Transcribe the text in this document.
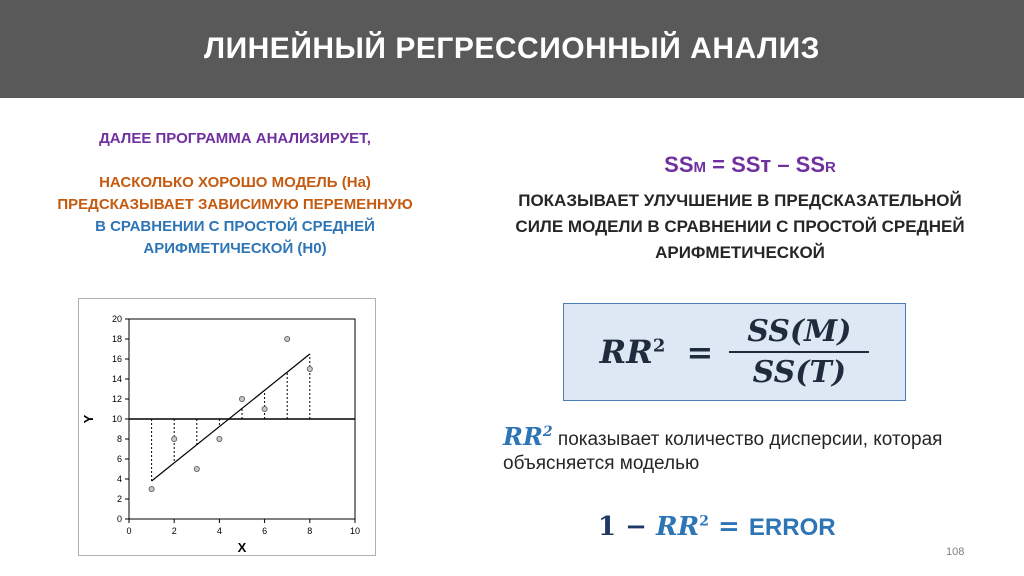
ЛИНЕЙНЫЙ РЕГРЕССИОННЫЙ АНАЛИЗ
ДАЛЕЕ ПРОГРАММА АНАЛИЗИРУЕТ,
НАСКОЛЬКО ХОРОШО МОДЕЛЬ (На)
ПРЕДСКАЗЫВАЕТ ЗАВИСИМУЮ ПЕРЕМЕННУЮ
В СРАВНЕНИИ С ПРОСТОЙ СРЕДНЕЙ
АРИФМЕТИЧЕСКОЙ (Н0)
0
2
4
6
8
10
12
14
16
18
20
0	2	4	6	8	10
X
Y
SSM = SSт – SSR
ПОКАЗЫВАЕТ УЛУЧШЕНИЕ В ПРЕДСКАЗАТЕЛЬНОЙ СИЛЕ МОДЕЛИ В СРАВНЕНИИ С ПРОСТОЙ СРЕДНЕЙ АРИФМЕТИЧЕСКОЙ
$RR^2 = \frac{SS(M)}{SS(T)}$
$RR^2$ показывает количество дисперсии, которая объясняется моделью
$1 - RR^2$ = ERROR
108
